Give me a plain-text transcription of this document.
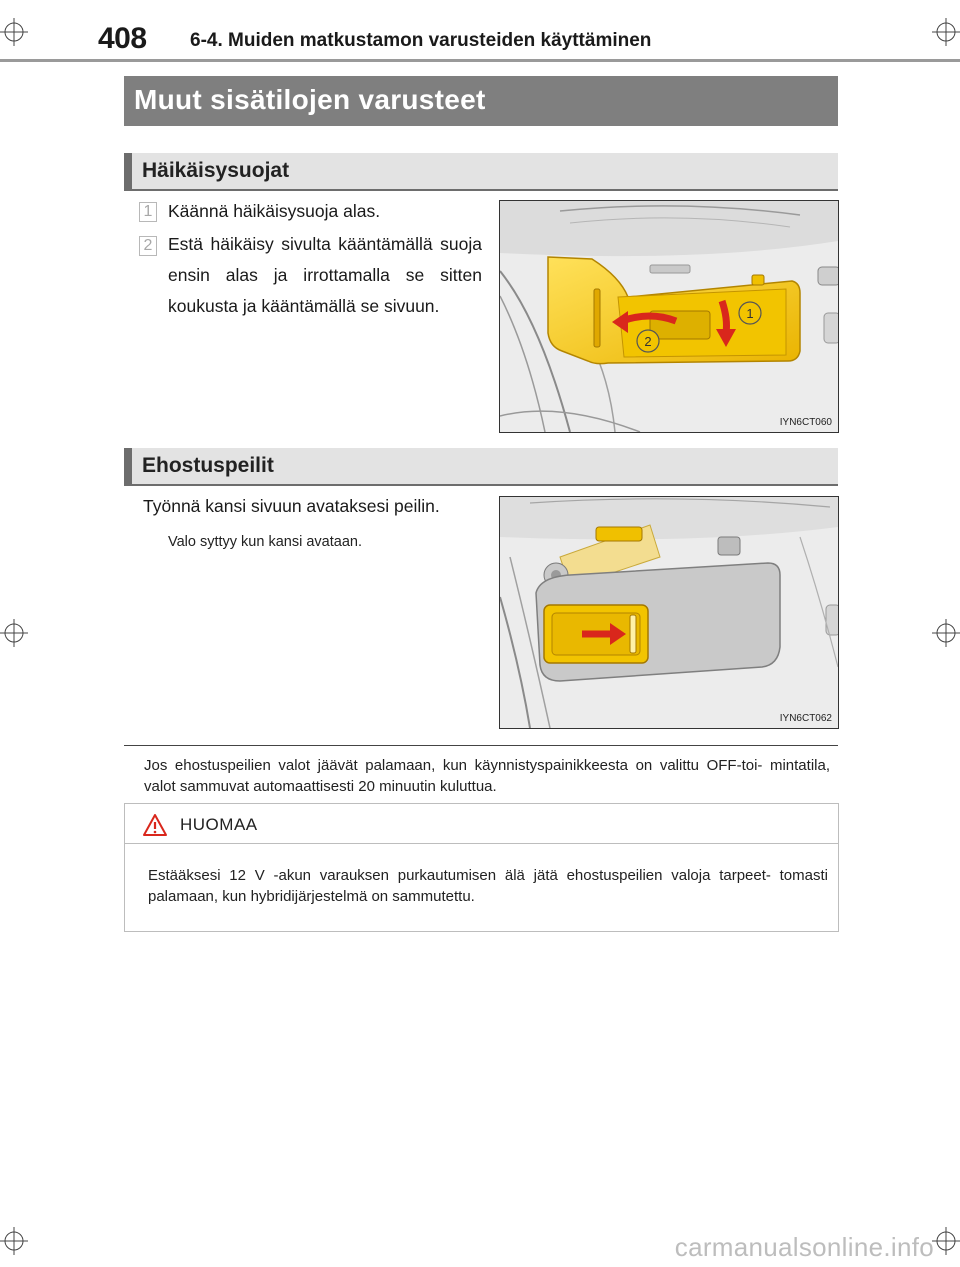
408 6-4. Muiden matkustamon varusteiden käyttäminen
Muut sisätilojen varusteet
Häikäisysuojat
1 Käännä häikäisysuoja alas.
2 Estä häikäisy sivulta kääntämällä suoja ensin alas ja irrottamalla se sitten koukusta ja kääntämällä se sivuun.	1
2
IYN6CT060
Ehostuspeilit
Työnnä kansi sivuun avataksesi peilin.
Valo syttyy kun kansi avataan.
IYN6CT062
Jos ehostuspeilien valot jäävät palamaan, kun käynnistyspainikkeesta on valittu OFF-toi- mintatila, valot sammuvat automaattisesti 20 minuutin kuluttua.
HUOMAA
Estääksesi 12 V -akun varauksen purkautumisen älä jätä ehostuspeilien valoja tarpeet- tomasti palamaan, kun hybridijärjestelmä on sammutettu.
carmanualsonline.info
